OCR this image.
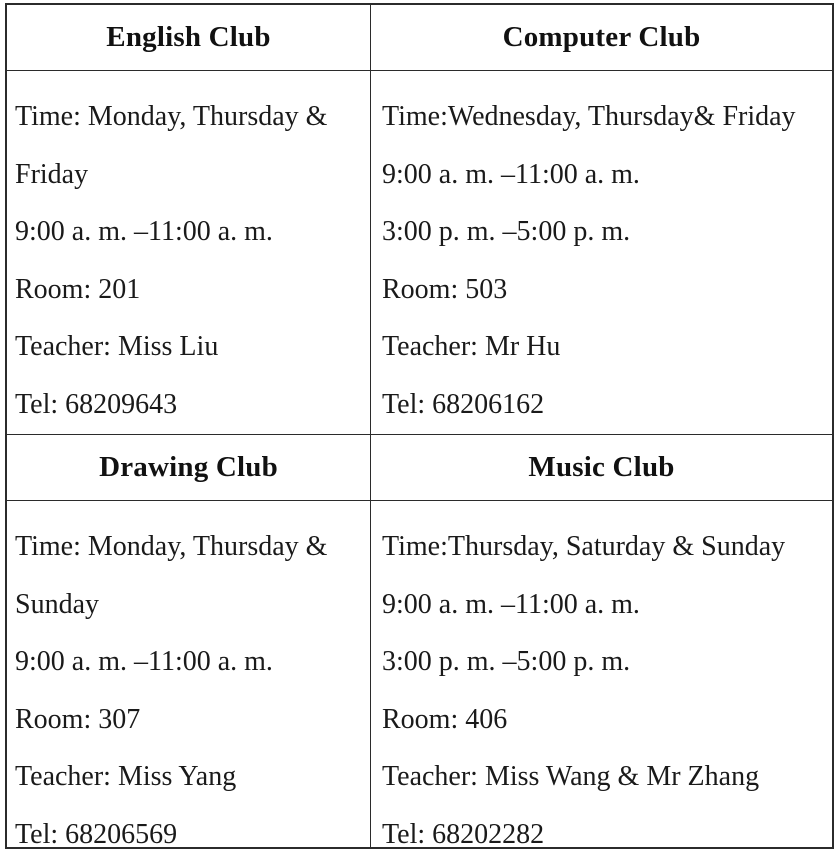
English Club	Computer Club
Time: Monday, Thursday &
Friday
9:00 a. m. –11:00 a. m.
Room: 201
Teacher: Miss Liu
Tel: 68209643
Time:Wednesday, Thursday& Friday
9:00 a. m. –11:00 a. m.
3:00 p. m. –5:00 p. m.
Room: 503
Teacher: Mr Hu
Tel: 68206162
Drawing Club	Music Club
Time: Monday, Thursday &
Sunday
9:00 a. m. –11:00 a. m.
Room: 307
Teacher: Miss Yang
Tel: 68206569
Time:Thursday, Saturday & Sunday
9:00 a. m. –11:00 a. m.
3:00 p. m. –5:00 p. m.
Room: 406
Teacher: Miss Wang & Mr Zhang
Tel: 68202282
